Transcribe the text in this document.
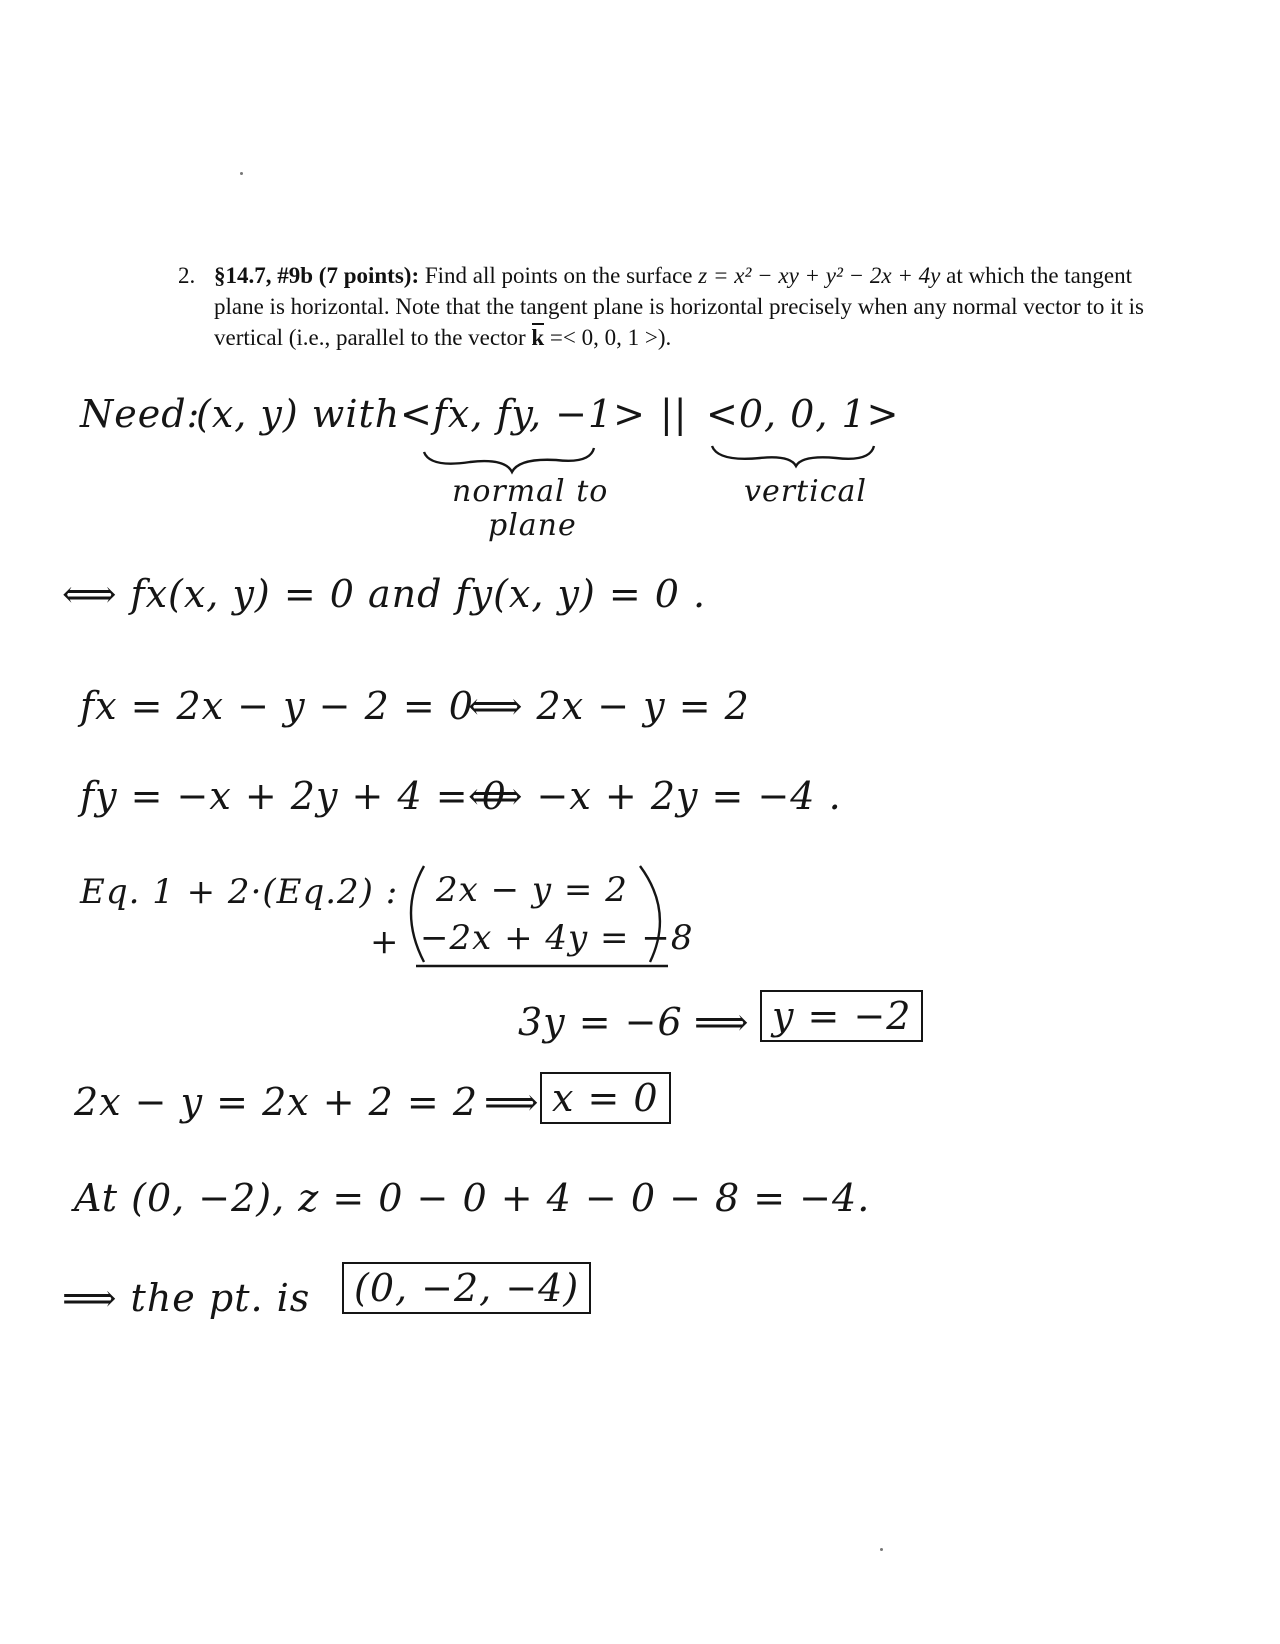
2. §14.7, #9b (7 points): Find all points on the surface z = x² − xy + y² − 2x + 4y at which the tangent plane is horizontal. Note that the tangent plane is horizontal precisely when any normal vector to it is vertical (i.e., parallel to the vector k =< 0, 0, 1 >).
Need:
(x, y) with <fx, fy, −1> || <0, 0, 1>
normal to
plane
vertical
⟺ fx(x, y) = 0 and fy(x, y) = 0 .
fx = 2x − y − 2 = 0
⟺ 2x − y = 2
fy = −x + 2y + 4 = 0
⟺ −x + 2y = −4 .
Eq. 1 + 2·(Eq.2) : 2x − y = 2
+ −2x + 4y = −8
3y = −6 ⟹ y = −2
2x − y = 2x + 2 = 2 ⟹ x = 0
At (0, −2), z = 0 − 0 + 4 − 0 − 8 = −4.
⟹ the pt. is	(0, −2, −4)
